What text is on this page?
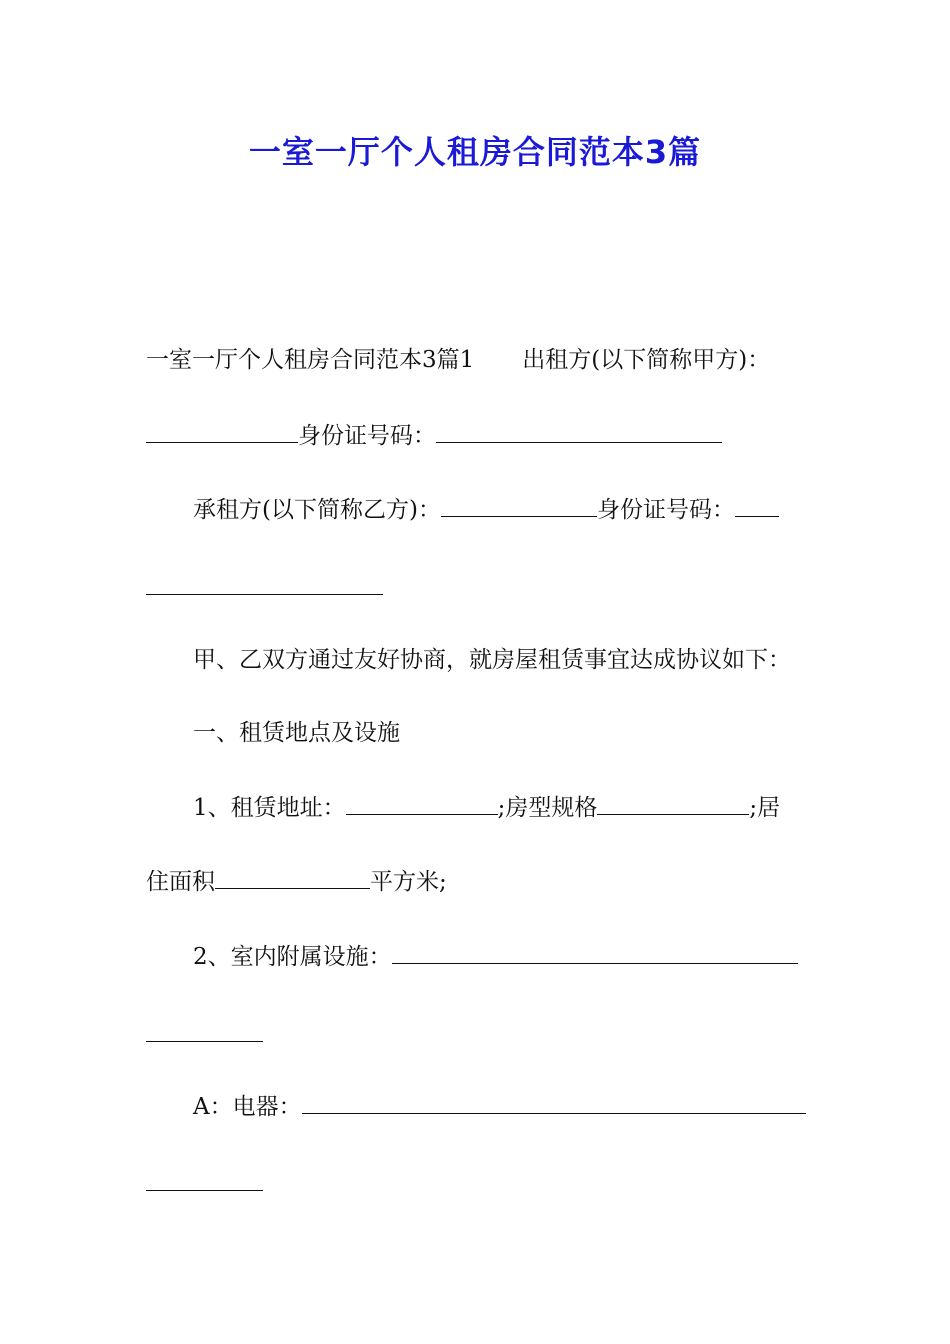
一室一厅个人租房合同范本3篇
一室一厅个人租房合同范本3篇1 出租方(以下简称甲方)：
身份证号码：
承租方(以下简称乙方)：	身份证号码：
甲、乙双方通过友好协商，就房屋租赁事宜达成协议如下：
一、租赁地点及设施
1、租赁地址：	;房型规格	;居
住面积	平方米;
2、室内附属设施：
A：电器：
